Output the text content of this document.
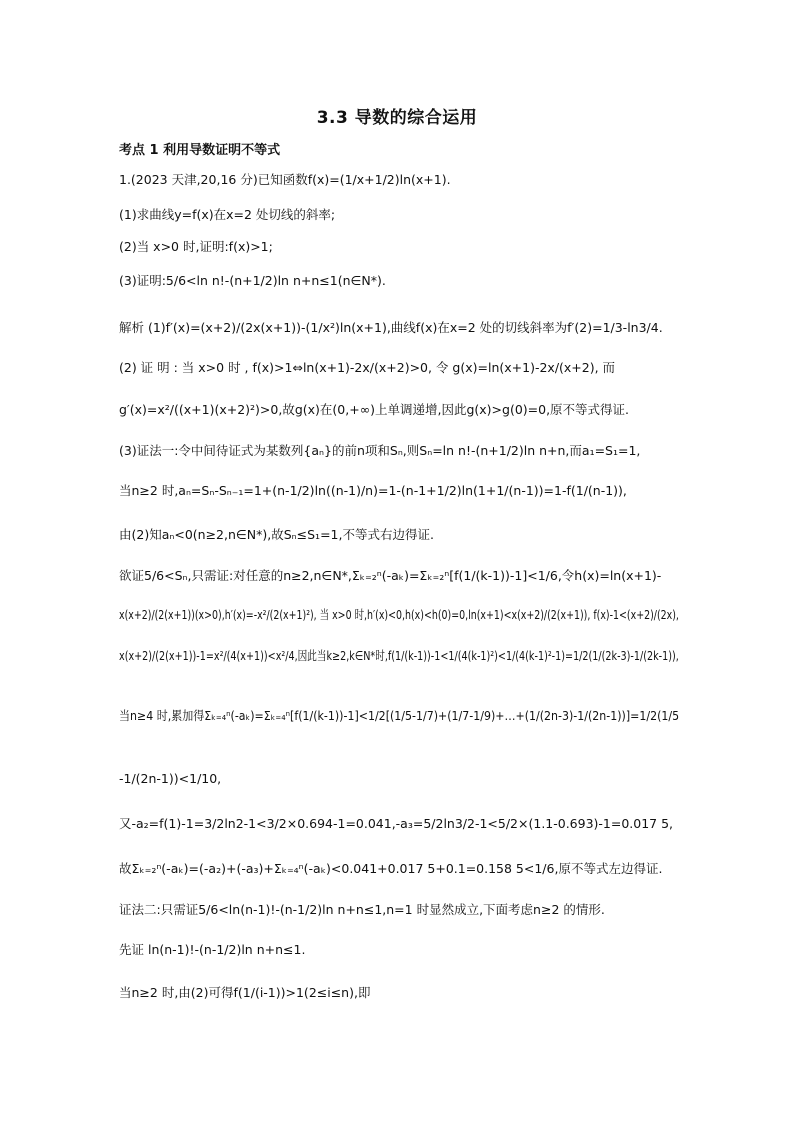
3.3 导数的综合运用
考点 1 利用导数证明不等式
1.(2023 天津,20,16 分)已知函数f(x)=(1/x+1/2)ln(x+1).
(1)求曲线y=f(x)在x=2 处切线的斜率;
(2)当 x>0 时,证明:f(x)>1;
(3)证明:5/6<ln n!-(n+1/2)ln n+n≤1(n∈N*).
解析 (1)f′(x)=(x+2)/(2x(x+1))-(1/x²)ln(x+1),曲线f(x)在x=2 处的切线斜率为f′(2)=1/3-ln3/4.
(2) 证 明 : 当 x>0 时 , f(x)>1⇔ln(x+1)-2x/(x+2)>0, 令 g(x)=ln(x+1)-2x/(x+2), 而
g′(x)=x²/((x+1)(x+2)²)>0,故g(x)在(0,+∞)上单调递增,因此g(x)>g(0)=0,原不等式得证.
(3)证法一:令中间待证式为某数列{aₙ}的前n项和Sₙ,则Sₙ=ln n!-(n+1/2)ln n+n,而a₁=S₁=1,
当n≥2 时,aₙ=Sₙ-Sₙ₋₁=1+(n-1/2)ln((n-1)/n)=1-(n-1+1/2)ln(1+1/(n-1))=1-f(1/(n-1)),
由(2)知aₙ<0(n≥2,n∈N*),故Sₙ≤S₁=1,不等式右边得证.
欲证5/6<Sₙ,只需证:对任意的n≥2,n∈N*,Σₖ₌₂ⁿ(-aₖ)=Σₖ₌₂ⁿ[f(1/(k-1))-1]<1/6,令h(x)=ln(x+1)-
x(x+2)/(2(x+1))(x>0),h′(x)=-x²/(2(x+1)²), 当 x>0 时,h′(x)<0,h(x)<h(0)=0,ln(x+1)<x(x+2)/(2(x+1)), f(x)-1<(x+2)/(2x),
x(x+2)/(2(x+1))-1=x²/(4(x+1))<x²/4,因此当k≥2,k∈N*时,f(1/(k-1))-1<1/(4(k-1)²)<1/(4(k-1)²-1)=1/2(1/(2k-3)-1/(2k-1)),
当n≥4 时,累加得Σₖ₌₄ⁿ(-aₖ)=Σₖ₌₄ⁿ[f(1/(k-1))-1]<1/2[(1/5-1/7)+(1/7-1/9)+…+(1/(2n-3)-1/(2n-1))]=1/2(1/5
-1/(2n-1))<1/10,
又-a₂=f(1)-1=3/2ln2-1<3/2×0.694-1=0.041,-a₃=5/2ln3/2-1<5/2×(1.1-0.693)-1=0.017 5,
故Σₖ₌₂ⁿ(-aₖ)=(-a₂)+(-a₃)+Σₖ₌₄ⁿ(-aₖ)<0.041+0.017 5+0.1=0.158 5<1/6,原不等式左边得证.
证法二:只需证5/6<ln(n-1)!-(n-1/2)ln n+n≤1,n=1 时显然成立,下面考虑n≥2 的情形.
先证 ln(n-1)!-(n-1/2)ln n+n≤1.
当n≥2 时,由(2)可得f(1/(i-1))>1(2≤i≤n),即
